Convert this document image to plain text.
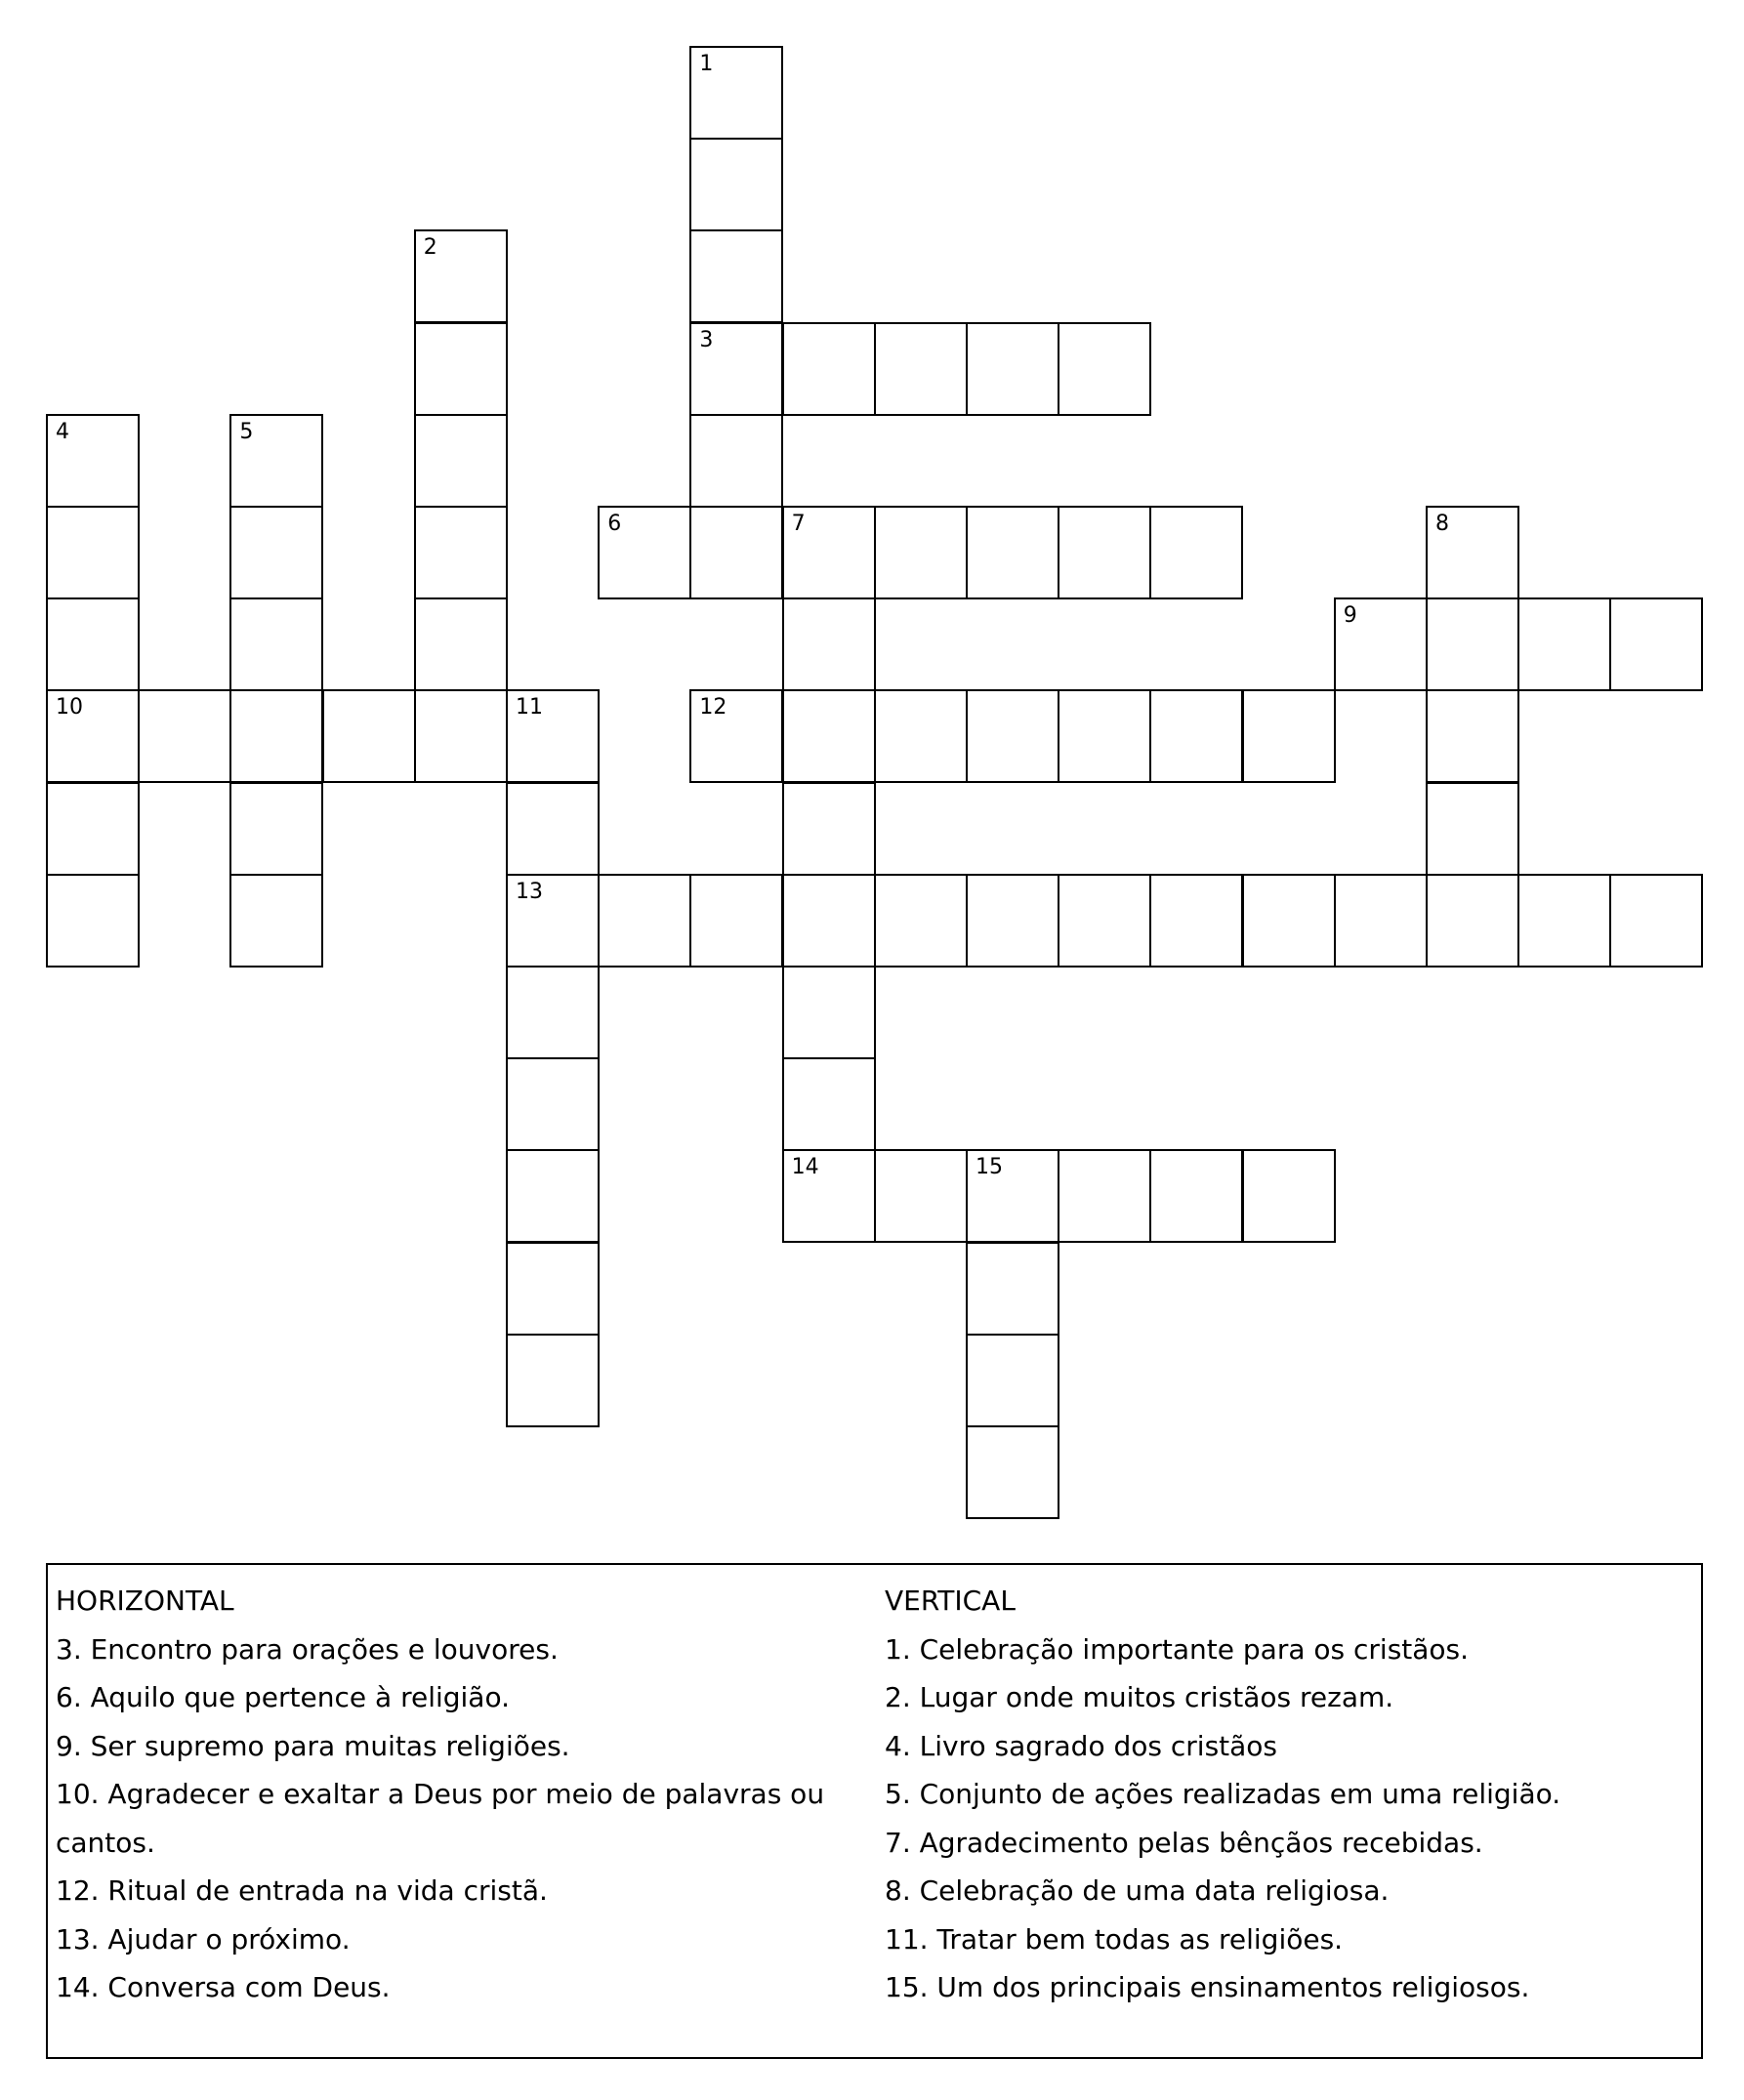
1
2
3
4	5
6	7	8
9
10	11	12
13
14	15
HORIZONTAL
3. Encontro para orações e louvores.
6. Aquilo que pertence à religião.
9. Ser supremo para muitas religiões.
10. Agradecer e exaltar a Deus por meio de palavras ou
cantos.
12. Ritual de entrada na vida cristã.
13. Ajudar o próximo.
14. Conversa com Deus.
VERTICAL
1. Celebração importante para os cristãos.
2. Lugar onde muitos cristãos rezam.
4. Livro sagrado dos cristãos
5. Conjunto de ações realizadas em uma religião.
7. Agradecimento pelas bênçãos recebidas.
8. Celebração de uma data religiosa.
11. Tratar bem todas as religiões.
15. Um dos principais ensinamentos religiosos.
